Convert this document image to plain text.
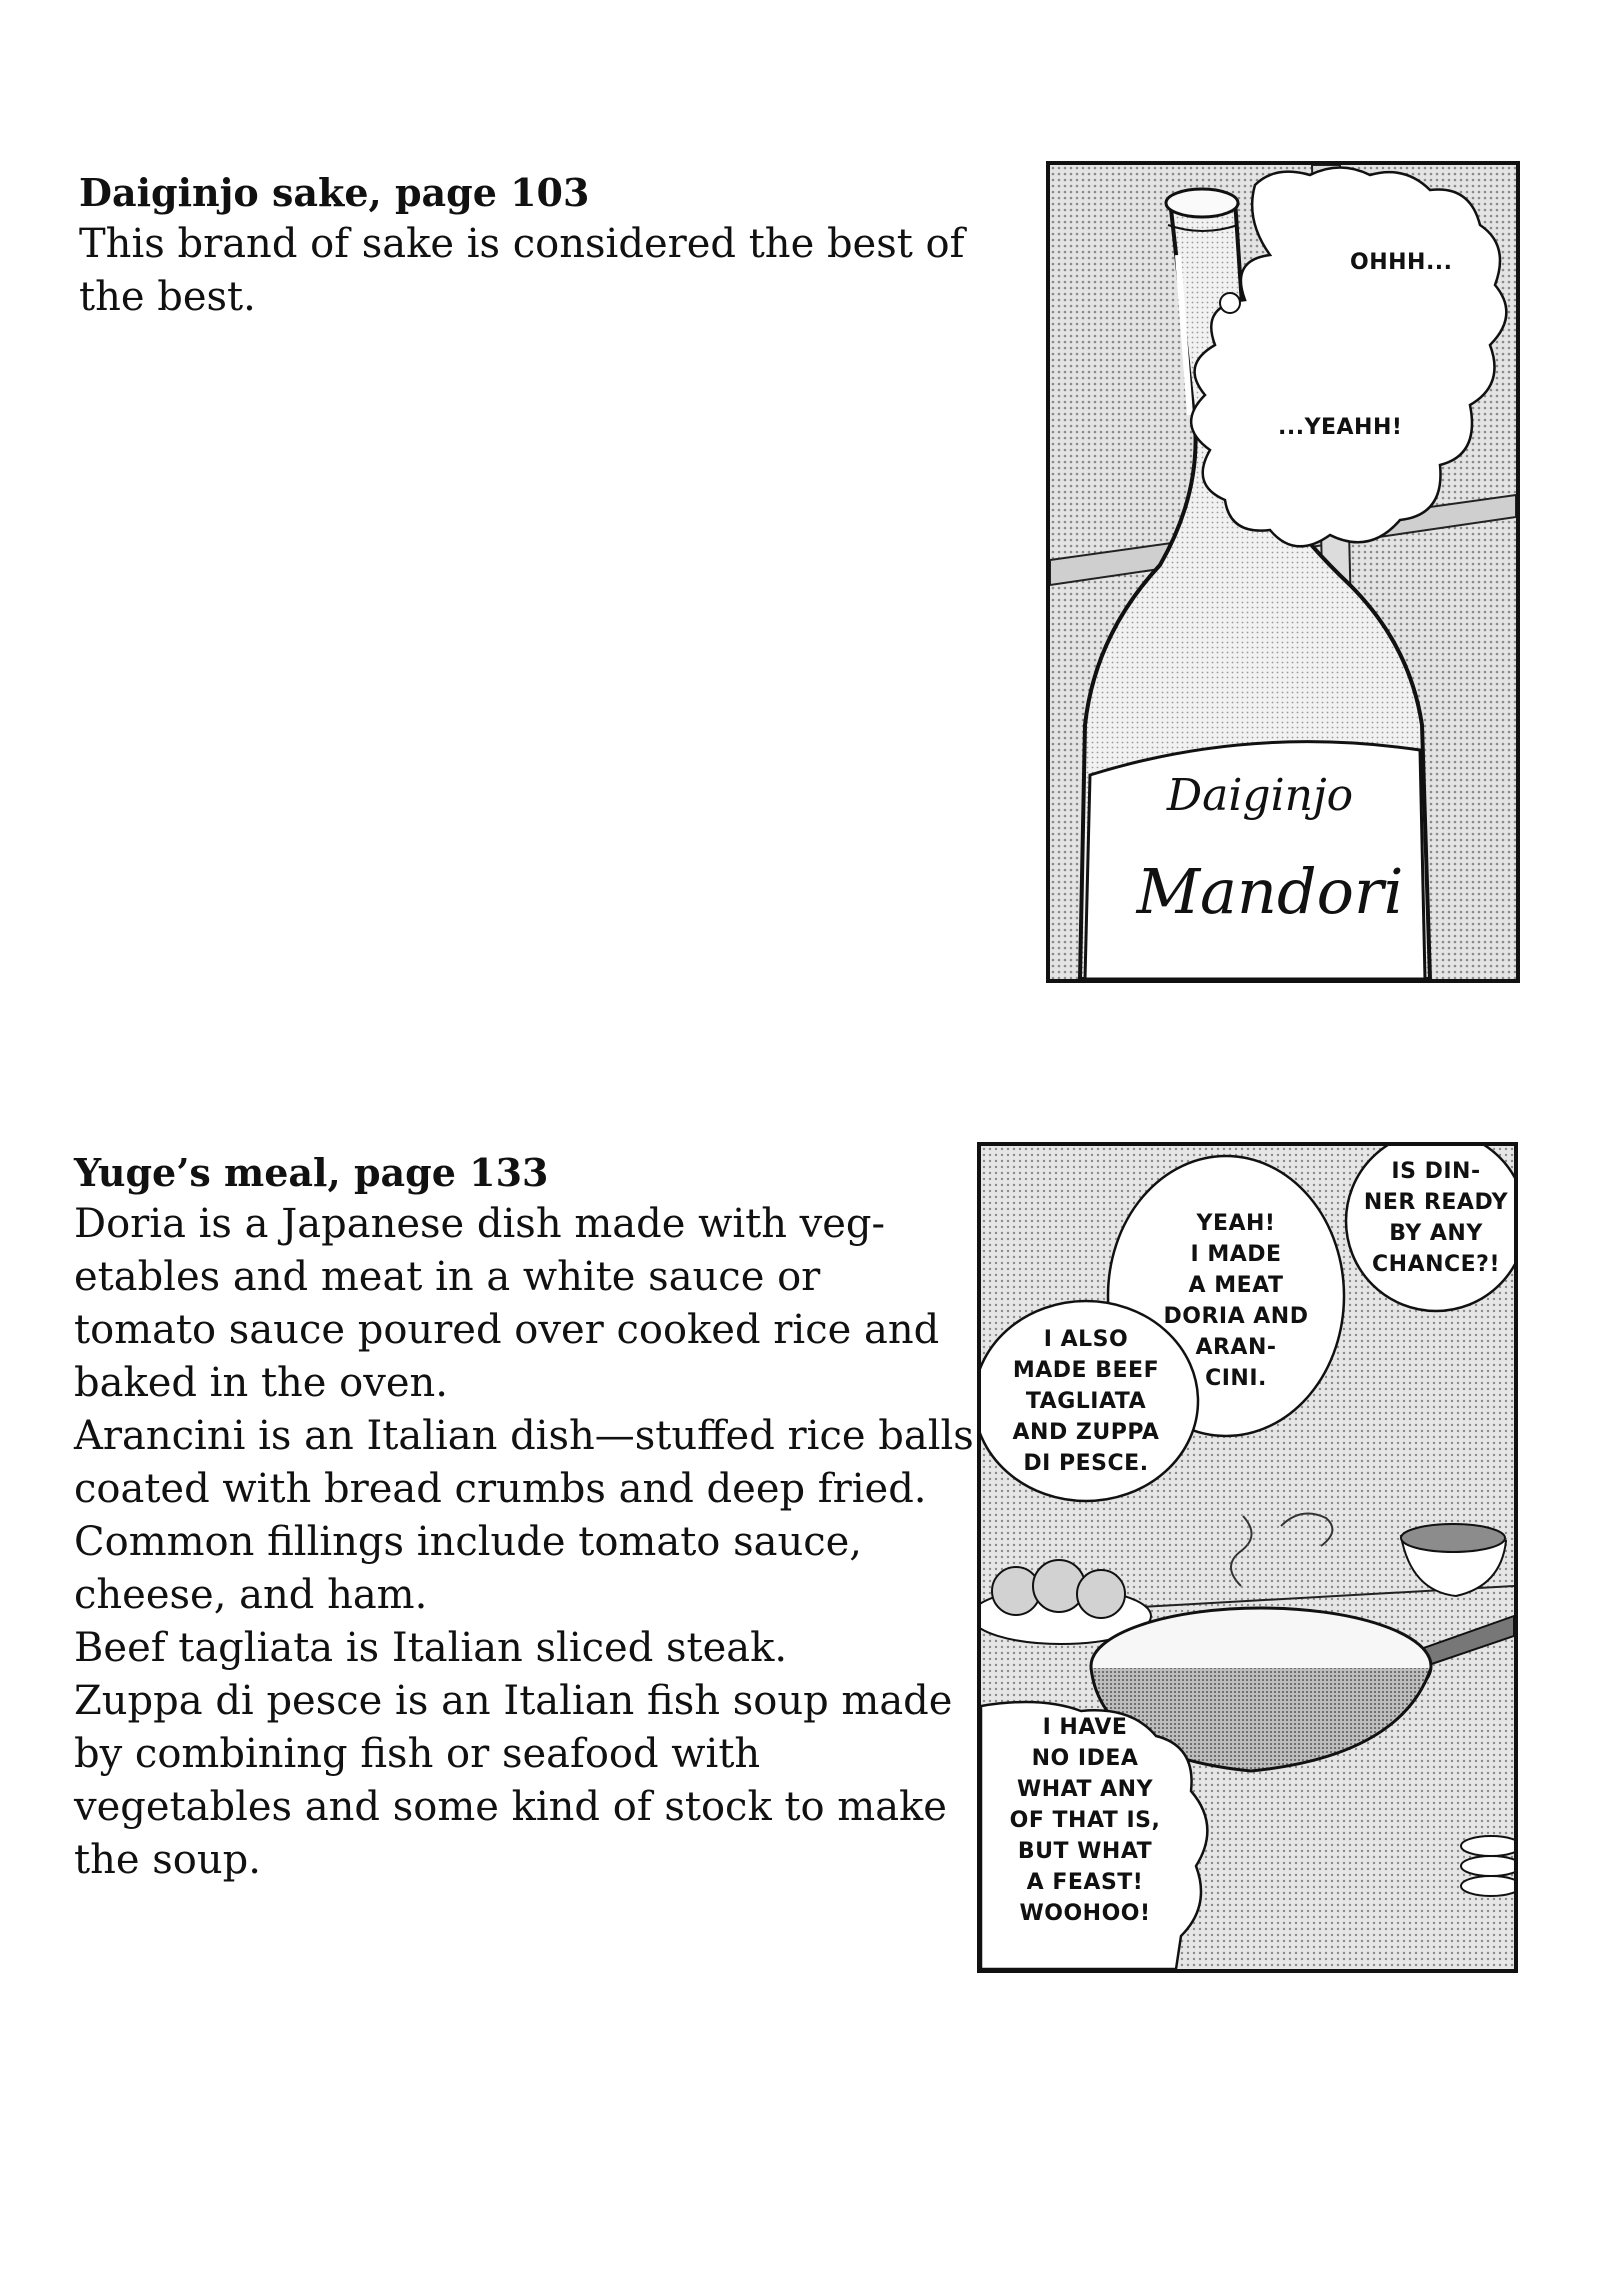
Daiginjo sake, page 103

This brand of sake is considered the best of the best.

OHHH...
...YEAHH!
Daiginjo
Mandori
Yuge’s meal, page 133

Doria is a Japanese dish made with veg-etables and meat in a white sauce or tomato sauce poured over cooked rice and baked in the oven.

Arancini is an Italian dish—stuffed rice balls coated with bread crumbs and deep fried. Common fillings include tomato sauce, cheese, and ham.

Beef tagliata is Italian sliced steak.

Zuppa di pesce is an Italian fish soup made by combining fish or seafood with vegetables and some kind of stock to make the soup.

IS DIN-
NER READY
BY ANY
CHANCE?!
YEAH!
I MADE
A MEAT
DORIA AND
ARAN-
CINI.
I ALSO
MADE BEEF
TAGLIATA
AND ZUPPA
DI PESCE.
I HAVE
NO IDEA
WHAT ANY
OF THAT IS,
BUT WHAT
A FEAST!
WOOHOO!
